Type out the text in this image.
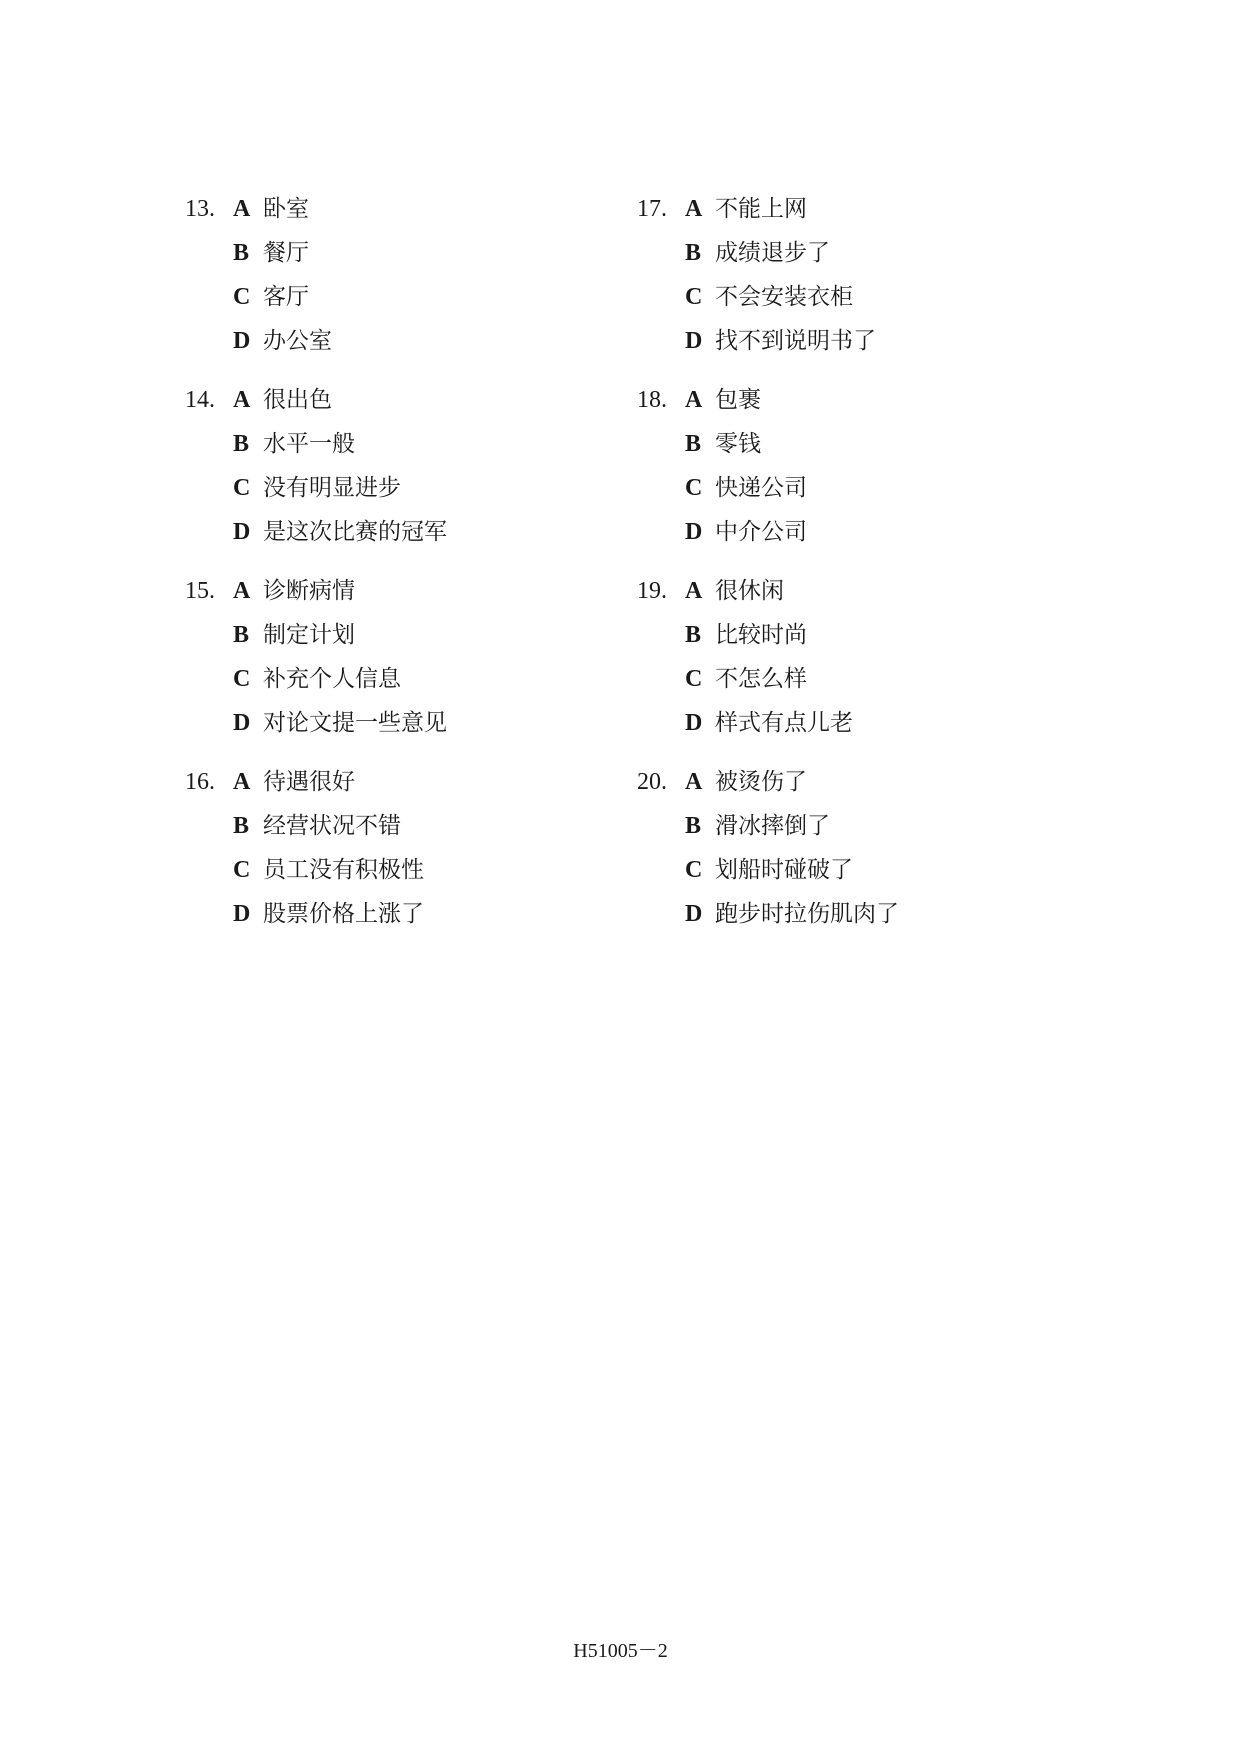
13. A 卧室
B 餐厅
C 客厅
D 办公室
14. A 很出色
B 水平一般
C 没有明显进步
D 是这次比赛的冠军
15. A 诊断病情
B 制定计划
C 补充个人信息
D 对论文提一些意见
16. A 待遇很好
B 经营状况不错
C 员工没有积极性
D 股票价格上涨了
17. A 不能上网
B 成绩退步了
C 不会安装衣柜
D 找不到说明书了
18. A 包裹
B 零钱
C 快递公司
D 中介公司
19. A 很休闲
B 比较时尚
C 不怎么样
D 样式有点儿老
20. A 被烫伤了
B 滑冰摔倒了
C 划船时碰破了
D 跑步时拉伤肌肉了
H51005－2
